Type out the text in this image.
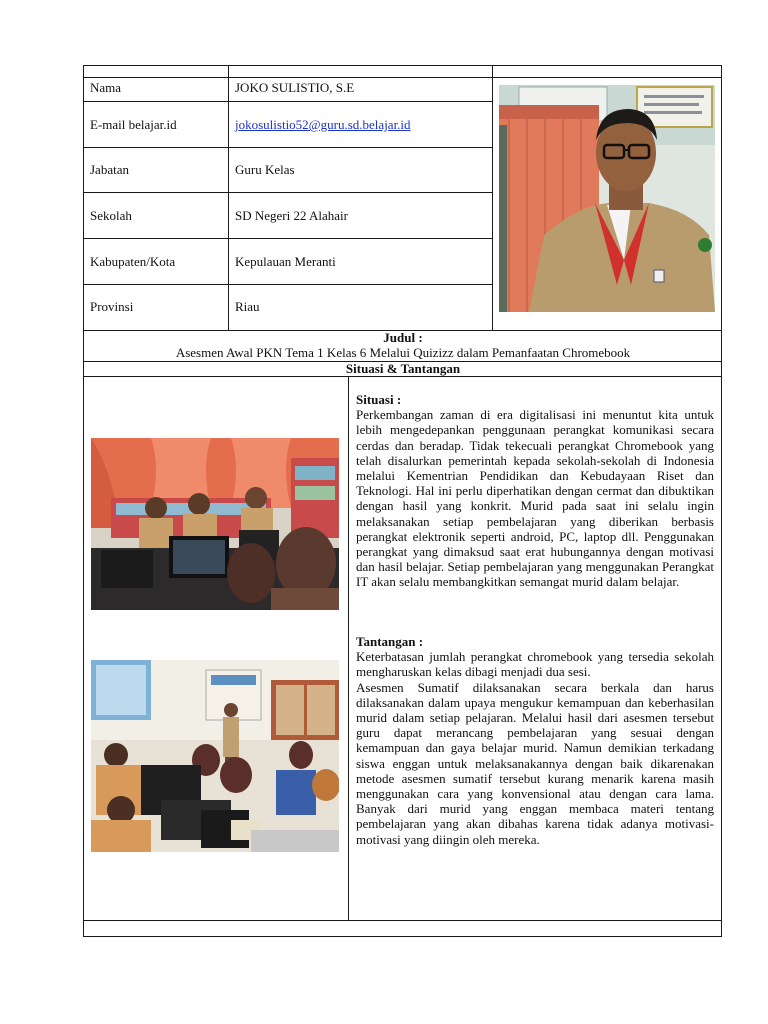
Nama	JOKO SULISTIO, S.E
E-mail belajar.id	jokosulistio52@guru.sd.belajar.id
Jabatan	Guru Kelas
Sekolah	SD Negeri 22 Alahair
Kabupaten/Kota	Kepulauan Meranti
Provinsi	Riau
Judul :
Asesmen Awal PKN Tema 1 Kelas 6 Melalui Quizizz dalam Pemanfaatan Chromebook
Situasi & Tantangan

Situasi :

Perkembangan zaman di era digitalisasi ini menuntut kita untuk lebih mengedepankan penggunaan perangkat komunikasi secara cerdas dan beradap. Tidak tekecuali perangkat Chromebook yang telah disalurkan pemerintah kepada sekolah-sekolah di Indonesia melalui Kementrian Pendidikan dan Kebudayaan Riset dan Teknologi. Hal ini perlu diperhatikan dengan cermat dan dibuktikan dengan hasil yang konkrit. Murid pada saat ini selalu ingin melaksanakan setiap pembelajaran yang diberikan berbasis perangkat elektronik seperti android, PC, laptop dll. Penggunakan perangkat yang dimaksud saat erat hubungannya dengan motivasi dan hasil belajar. Setiap pembelajaran yang menggunakan Perangkat IT akan selalu membangkitkan semangat murid dalam belajar.

Tantangan :

Keterbatasan jumlah perangkat chromebook yang tersedia sekolah mengharuskan kelas dibagi menjadi dua sesi.

Asesmen Sumatif dilaksanakan secara berkala dan harus dilaksanakan dalam upaya mengukur kemampuan dan keberhasilan murid dalam setiap pelajaran. Melalui hasil dari asesmen tersebut guru dapat merancang pembelajaran yang sesuai dengan kemampuan dan gaya belajar murid. Namun demikian terkadang siswa enggan untuk melaksanakannya dengan baik dikarenakan metode asesmen sumatif tersebut kurang menarik karena masih menggunakan cara yang konvensional atau dengan cara lama. Banyak dari murid yang enggan membaca materi tentang pembelajaran yang akan dibahas karena tidak adanya motivasi-motivasi yang diingin oleh mereka.
